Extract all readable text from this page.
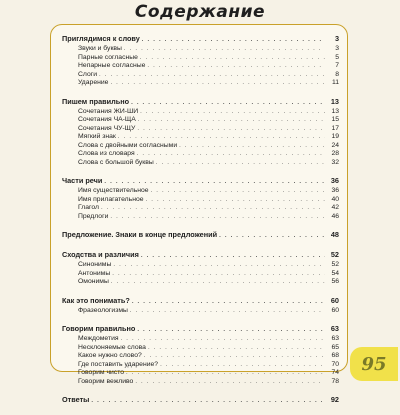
Содержание
Приглядимся к слову . . .	3
Звуки и буквы . . .	3
Парные согласные . . .	5
Непарные согласные . . .	7
Слоги . . .	8
Ударение . . .	11
Пишем правильно . . .	13
Сочетания ЖИ-ШИ . . .	13
Сочетания ЧА-ЩА . . .	15
Сочетания ЧУ-ЩУ . . .	17
Мягкий знак . . .	19
Слова с двойными согласными . . .	24
Слова из словаря . . .	28
Слова с большой буквы . . .	32
Части речи . . .	36
Имя существительное . . .	36
Имя прилагательное . . .	40
Глагол . . .	42
Предлоги . . .	46
Предложение. Знаки в конце предложений . . .	48
Сходства и различия . . .	52
Синонимы . . .	52
Антонимы . . .	54
Омонимы . . .	56
Как это понимать? . . .	60
Фразеологизмы . . .	60
Говорим правильно . . .	63
Междометия . . .	63
Несклоняемые слова . . .	65
Какое нужно слово? . . .	68
Где поставить ударение? . . .	70
Говорим чисто . . .	74
Говорим вежливо . . .	78
Ответы . . .	92
95
